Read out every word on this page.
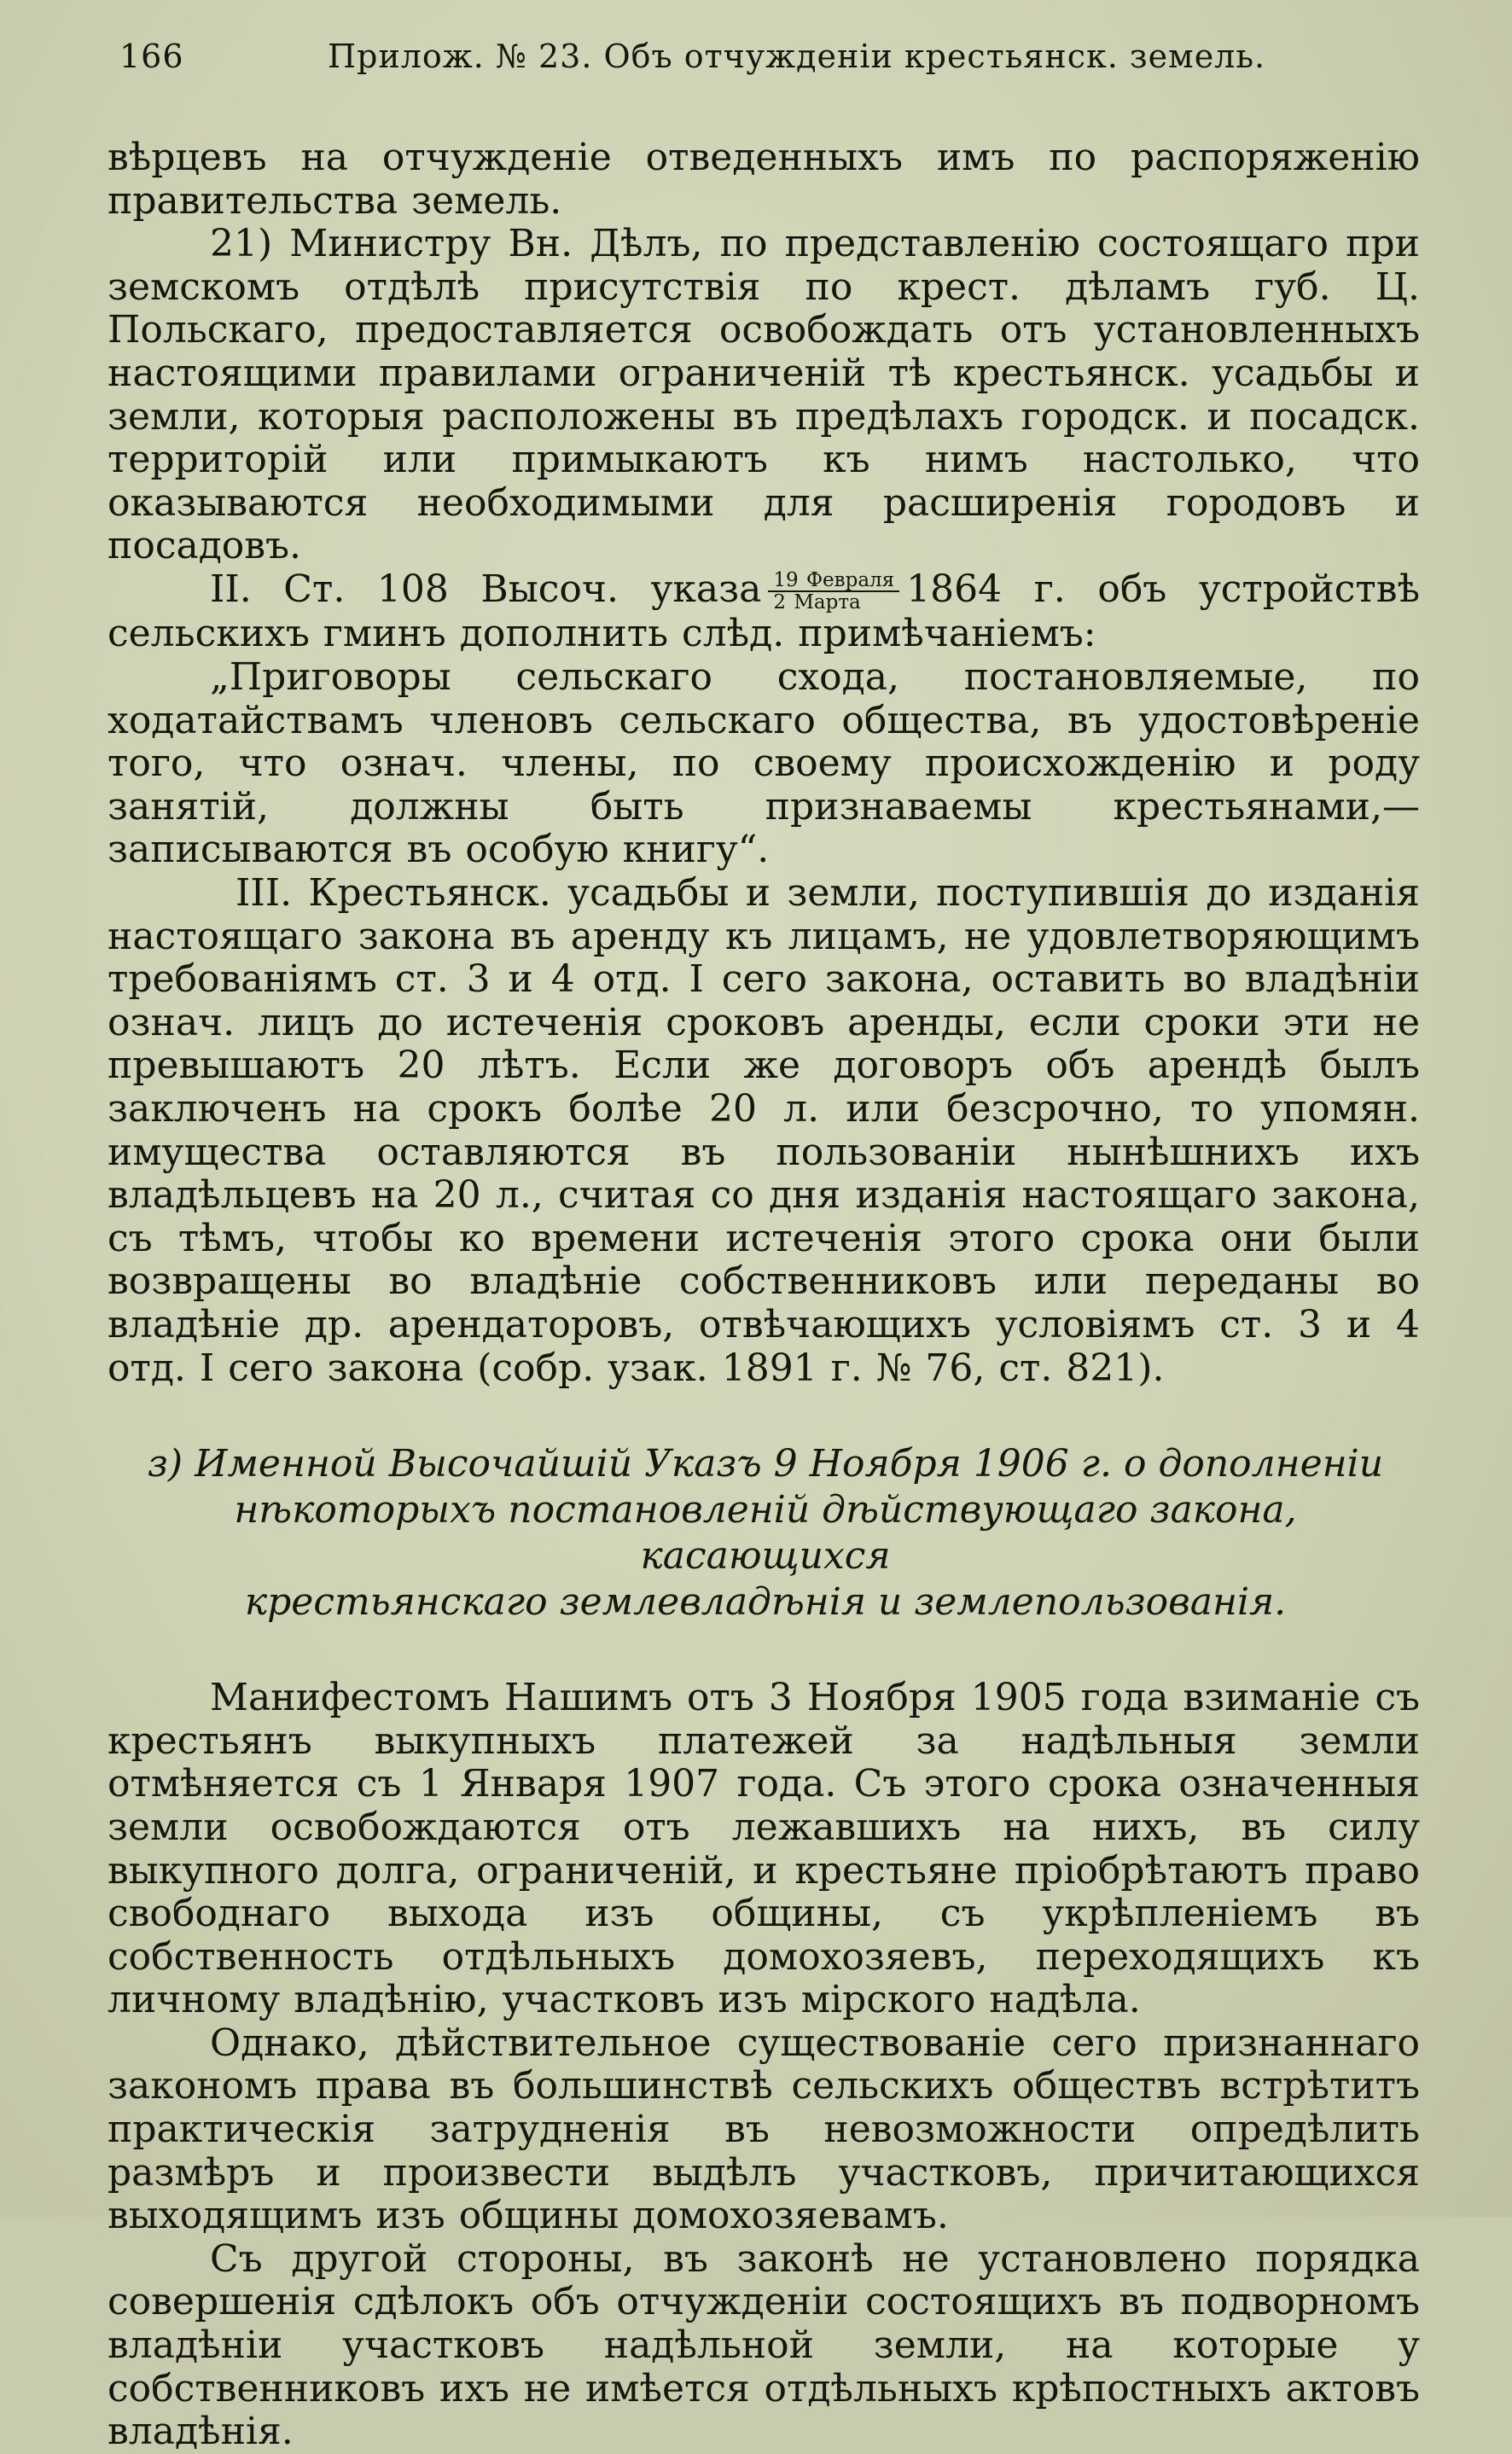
166	Прилож. № 23. Объ отчужденіи крестьянск. земель.

вѣрцевъ на отчужденіе отведенныхъ имъ по распоряженію правительства земель.

21) Министру Вн. Дѣлъ, по представленію состоящаго при земскомъ отдѣлѣ присутствія по крест. дѣламъ губ. Ц. Польскаго, предоставляется освобождать отъ установленныхъ настоящими правилами ограниченій тѣ крестьянск. усадьбы и земли, которыя расположены въ предѣлахъ городск. и посадск. территорій или примыкаютъ къ нимъ настолько, что оказываются необходимыми для расширенія городовъ и посадовъ.

II. Ст. 108 Высоч. указа $\frac{\text{19 Февраля}}{\text{2 Марта}} 1864$ г. объ устройствѣ сельскихъ гминъ дополнить слѣд. примѣчаніемъ:

„Приговоры сельскаго схода, постановляемые, по ходатайствамъ членовъ сельскаго общества, въ удостовѣреніе того, что означ. члены, по своему происхожденію и роду занятій, должны быть признаваемы крестьянами,—записываются въ особую книгу“.

III. Крестьянск. усадьбы и земли, поступившія до изданія настоящаго закона въ аренду къ лицамъ, не удовлетворяющимъ требованіямъ ст. 3 и 4 отд. I сего закона, оставить во владѣніи означ. лицъ до истеченія сроковъ аренды, если сроки эти не превышаютъ 20 лѣтъ. Если же договоръ объ арендѣ былъ заключенъ на срокъ болѣе 20 л. или безсрочно, то упомян. имущества оставляются въ пользованіи нынѣшнихъ ихъ владѣльцевъ на 20 л., считая со дня изданія настоящаго закона, съ тѣмъ, чтобы ко времени истеченія этого срока они были возвращены во владѣніе собственниковъ или переданы во владѣніе др. арендаторовъ, отвѣчающихъ условіямъ ст. 3 и 4 отд. I сего закона (собр. узак. 1891 г. № 76, ст. 821).

з) Именной Высочайшій Указъ 9 Ноября 1906 г. о дополненіи
нѣкоторыхъ постановленій дѣйствующаго закона, касающихся
крестьянскаго землевладѣнія и землепользованія.

Манифестомъ Нашимъ отъ 3 Ноября 1905 года взиманіе съ крестьянъ выкупныхъ платежей за надѣльныя земли отмѣняется съ 1 Января 1907 года. Съ этого срока означенныя земли освобождаются отъ лежавшихъ на нихъ, въ силу выкупного долга, ограниченій, и крестьяне пріобрѣтаютъ право свободнаго выхода изъ общины, съ укрѣпленіемъ въ собственность отдѣльныхъ домохозяевъ, переходящихъ къ личному владѣнію, участковъ изъ мірского надѣла.

Однако, дѣйствительное существованіе сего признаннаго закономъ права въ большинствѣ сельскихъ обществъ встрѣтитъ практическія затрудненія въ невозможности опредѣлить размѣръ и произвести выдѣлъ участковъ, причитающихся выходящимъ изъ общины домохозяевамъ.

Съ другой стороны, въ законѣ не установлено порядка совершенія сдѣлокъ объ отчужденіи состоящихъ въ подворномъ владѣніи участковъ надѣльной земли, на которые у собственниковъ ихъ не имѣется отдѣльныхъ крѣпостныхъ актовъ владѣнія.
